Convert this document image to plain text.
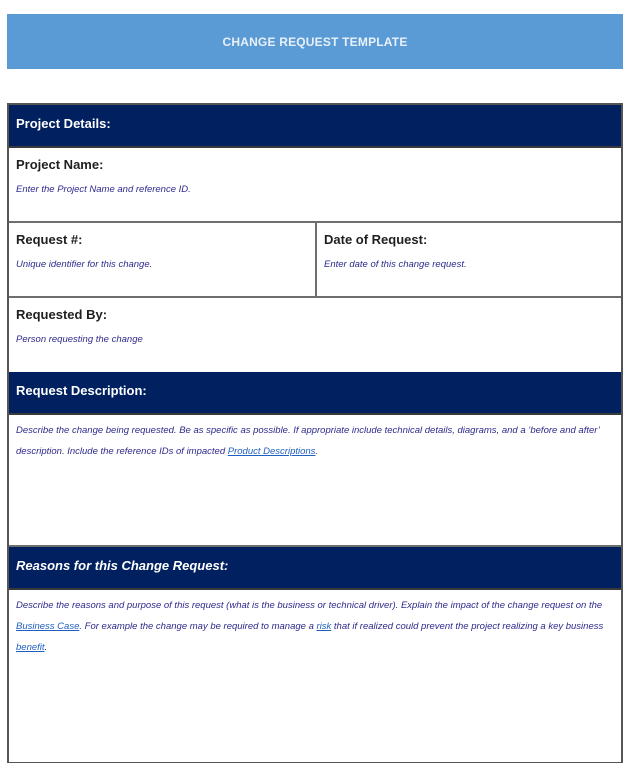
CHANGE REQUEST TEMPLATE
Project Details:
Project Name:
Enter the Project Name and reference ID.
Request #:
Unique identifier for this change.
Date of Request:
Enter date of this change request.
Requested By:
Person requesting the change
Request Description:

Describe the change being requested. Be as specific as possible. If appropriate include technical details, diagrams, and a ‘before and after’ description. Include the reference IDs of impacted Product Descriptions.

Reasons for this Change Request:

Describe the reasons and purpose of this request (what is the business or technical driver). Explain the impact of the change request on the Business Case. For example the change may be required to manage a risk that if realized could prevent the project realizing a key business benefit.
